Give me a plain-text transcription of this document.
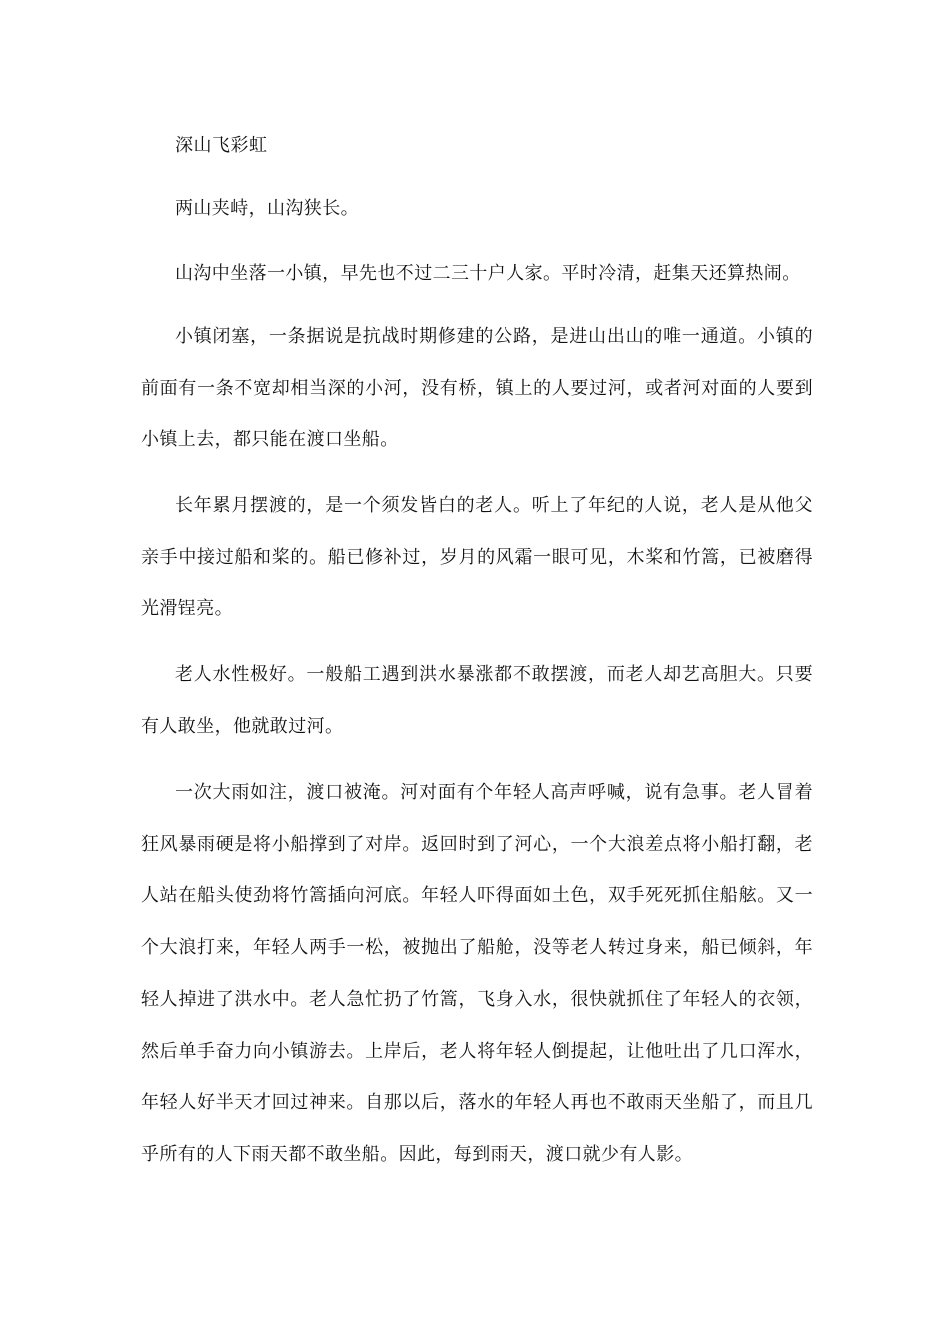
深山飞彩虹

两山夹峙，山沟狭长。

山沟中坐落一小镇，早先也不过二三十户人家。平时冷清，赶集天还算热闹。

小镇闭塞，一条据说是抗战时期修建的公路，是进山出山的唯一通道。小镇的前面有一条不宽却相当深的小河，没有桥，镇上的人要过河，或者河对面的人要到小镇上去，都只能在渡口坐船。

长年累月摆渡的，是一个须发皆白的老人。听上了年纪的人说，老人是从他父亲手中接过船和桨的。船已修补过，岁月的风霜一眼可见，木桨和竹篙，已被磨得光滑锃亮。

老人水性极好。一般船工遇到洪水暴涨都不敢摆渡，而老人却艺高胆大。只要有人敢坐，他就敢过河。

一次大雨如注，渡口被淹。河对面有个年轻人高声呼喊，说有急事。老人冒着狂风暴雨硬是将小船撑到了对岸。返回时到了河心，一个大浪差点将小船打翻，老人站在船头使劲将竹篙插向河底。年轻人吓得面如土色，双手死死抓住船舷。又一个大浪打来，年轻人两手一松，被抛出了船舱，没等老人转过身来，船已倾斜，年轻人掉进了洪水中。老人急忙扔了竹篙，飞身入水，很快就抓住了年轻人的衣领，然后单手奋力向小镇游去。上岸后，老人将年轻人倒提起，让他吐出了几口浑水，年轻人好半天才回过神来。自那以后，落水的年轻人再也不敢雨天坐船了，而且几乎所有的人下雨天都不敢坐船。因此，每到雨天，渡口就少有人影。
